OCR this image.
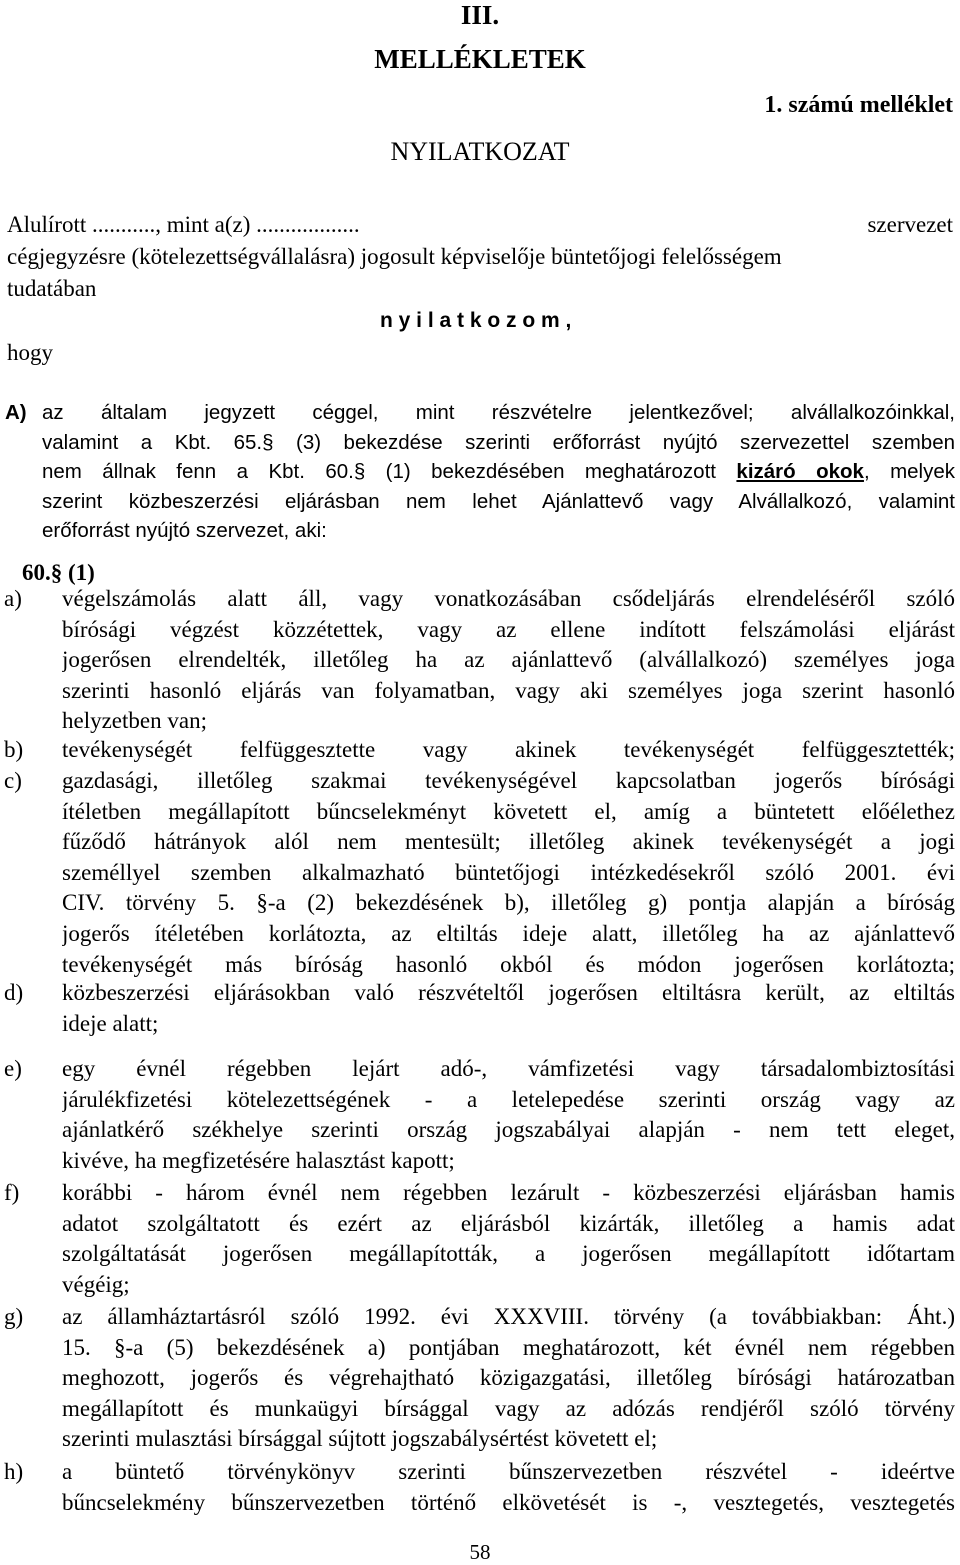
III.
MELLÉKLETEK
1. számú melléklet
NYILATKOZAT
Alulírott ..........., mint a(z) ..................	szervezet
cégjegyzésre (kötelezettségvállalásra) jogosult képviselője büntetőjogi felelősségem
tudatában
n y i l a t k o z o m ,
hogy
A) az általam jegyzett céggel, mint részvételre jelentkezővel; alvállalkozóinkkal,
valamint a Kbt. 65.§ (3) bekezdése szerinti erőforrást nyújtó szervezettel szemben
nem állnak fenn a Kbt. 60.§ (1) bekezdésében meghatározott kizáró okok, melyek
szerint közbeszerzési eljárásban nem lehet Ajánlattevő vagy Alvállalkozó, valamint
erőforrást nyújtó szervezet, aki:
60.§ (1)
a) végelszámolás alatt áll, vagy vonatkozásában csődeljárás elrendeléséről szóló
bírósági végzést közzétettek, vagy az ellene indított felszámolási eljárást
jogerősen elrendelték, illetőleg ha az ajánlattevő (alvállalkozó) személyes joga
szerinti hasonló eljárás van folyamatban, vagy aki személyes joga szerint hasonló
helyzetben van;
b) tevékenységét felfüggesztette vagy akinek tevékenységét felfüggesztették;
c) gazdasági, illetőleg szakmai tevékenységével kapcsolatban jogerős bírósági
ítéletben megállapított bűncselekményt követett el, amíg a büntetett előélethez
fűződő hátrányok alól nem mentesült; illetőleg akinek tevékenységét a jogi
személlyel szemben alkalmazható büntetőjogi intézkedésekről szóló 2001. évi
CIV. törvény 5. §-a (2) bekezdésének b), illetőleg g) pontja alapján a bíróság
jogerős ítéletében korlátozta, az eltiltás ideje alatt, illetőleg ha az ajánlattevő
tevékenységét más bíróság hasonló okból és módon jogerősen korlátozta;
d) közbeszerzési eljárásokban való részvételtől jogerősen eltiltásra került, az eltiltás
ideje alatt;
e) egy évnél régebben lejárt adó-, vámfizetési vagy társadalombiztosítási
járulékfizetési kötelezettségének - a letelepedése szerinti ország vagy az
ajánlatkérő székhelye szerinti ország jogszabályai alapján - nem tett eleget,
kivéve, ha megfizetésére halasztást kapott;
f) korábbi - három évnél nem régebben lezárult - közbeszerzési eljárásban hamis
adatot szolgáltatott és ezért az eljárásból kizárták, illetőleg a hamis adat
szolgáltatását jogerősen megállapították, a jogerősen megállapított időtartam
végéig;
g) az államháztartásról szóló 1992. évi XXXVIII. törvény (a továbbiakban: Áht.)
15. §-a (5) bekezdésének a) pontjában meghatározott, két évnél nem régebben
meghozott, jogerős és végrehajtható közigazgatási, illetőleg bírósági határozatban
megállapított és munkaügyi bírsággal vagy az adózás rendjéről szóló törvény
szerinti mulasztási bírsággal sújtott jogszabálysértést követett el;
h) a büntető törvénykönyv szerinti bűnszervezetben részvétel - ideértve
bűncselekmény bűnszervezetben történő elkövetését is -, vesztegetés, vesztegetés
58
